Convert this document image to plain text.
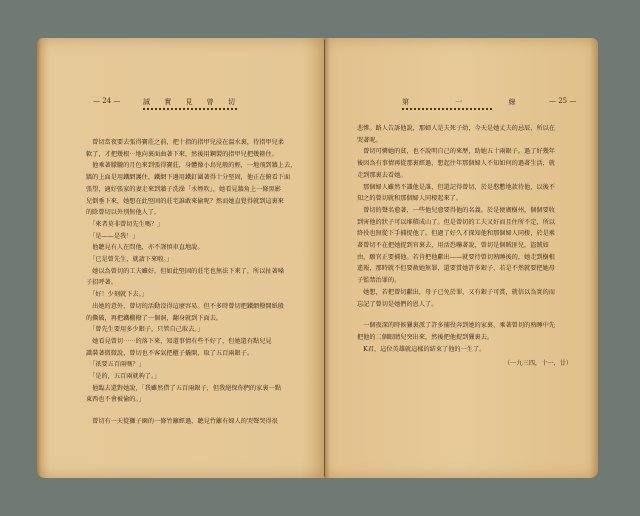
— 24 —	誠 實 見 曾 切
　曾切當夜要去張得寶莊之前，把十指的指甲兒浸在溫水裏，待指甲兒柔
軟了，才把幾根⋯地向裏面曲著下來，然後用鋼製的指甲兒把幾箍住。
　他乘著朦朧的月色來到張得寶莊，身體像小鳥兒般的輕，一地飛到牆上去，
牆的上面是用鐵網護住，鐵網下邊用鐵釘圍著得十分堅固，他正在俯看下面
張望，適好張家的妻走來到牆子洗澡「水煙吹」，她看見牆角上一條黑影
兒倒垂下來，她想在此堅固的莊宅誰敢來偷呢？然而她直覺得就到這裏來
的除曾切以外別無他人了。
　「來者莫非曾切先生嗎？」
　「是——是我！」
　他聽見有人在問他，亦不謹慎車直地說。
　「已是曾先生，就請下來啦。」
　她以為曾切的工夫雖好，但如此堅固的莊宅也無法下來了，所以扯著嗓
子招呼著。
　「好！少刻就下去。」
　出她的意外，曾切的活動沒得這麼容易。但不多時曾切把鐵網撥開紙般
的撕破，再把鐵棚撥了一個洞，翻身就到下面去。
　「曾先生要用多少銀子，只管自己取去。」
　她看見曾切⋯⋯的落下來，知道事情有些不好了，但她還有點兒見
識裝著微微說，曾切也不客氣把櫃子撬開，取了五百兩銀子。
　「祇要五百兩嗎？」
　「是的，五百兩就夠了。」
　他臨去還對她說，「我雖然借了五百兩銀子，但我絕保你們的家裏一點
東西也不會被偷的。」
　曾切有一天從獅子園的一條竹籬經過，聽見竹籬有婦人的哭聲哭得很
— 25 —
第 一 線
悲慘。路人告訴他說，那婦人是夫死子幼，今天是她丈夫的忌辰，所以在
哭著呢。
　曾切可憐她的貧，也不說明自己的來歷，助她五十兩銀子。過了好幾年
後因為有事情再從那裏經過，想起往年那個婦人不知如何的過著生活，就
走到那裏去看她。
　那個婦人雖然不識他是誰，但還記得曾切，於是慇懃地款待他，以後不
知之的曾切就和那個婦人同棲起來了。
　曾切的聲名愈著，一些他兒愈要得他的名義。於是便廣樹州，個個要收
到害他的狀子可以堆積成山了。但是曾切的工夫又好而且住所不定，所以
終役也無從下手捕捉他了。但過了好久才探知他和那個婦人同棲，於是乘
著曾切不在把她捉到官裏去，用活恐嚇著說，曾切是個賊匪兒，盜賊如
由，願官正要捕他。若肯把他獻出——就要待曾切熟睡後的，她走到樹根
遙報，那時就不但要赦她無罪，還要賞她許多銀子，若是不然就要把她母
子監禁治罪的。
　她想，若把曾切獻出，母子已免於罪，又有銀子可賞，就信以為實的而
忘記了曾切是她們的恩人了。
　一個夜深的時候獵裏派了許多捕役奔到她的家裏，乘著曾切的熟睡中先
把他的二個眼睛兒突出來，然後把他捉到獵裏去。
　K君，這位英雄就這樣的結束了他的一生了。
（一九三四，十一，廿）
